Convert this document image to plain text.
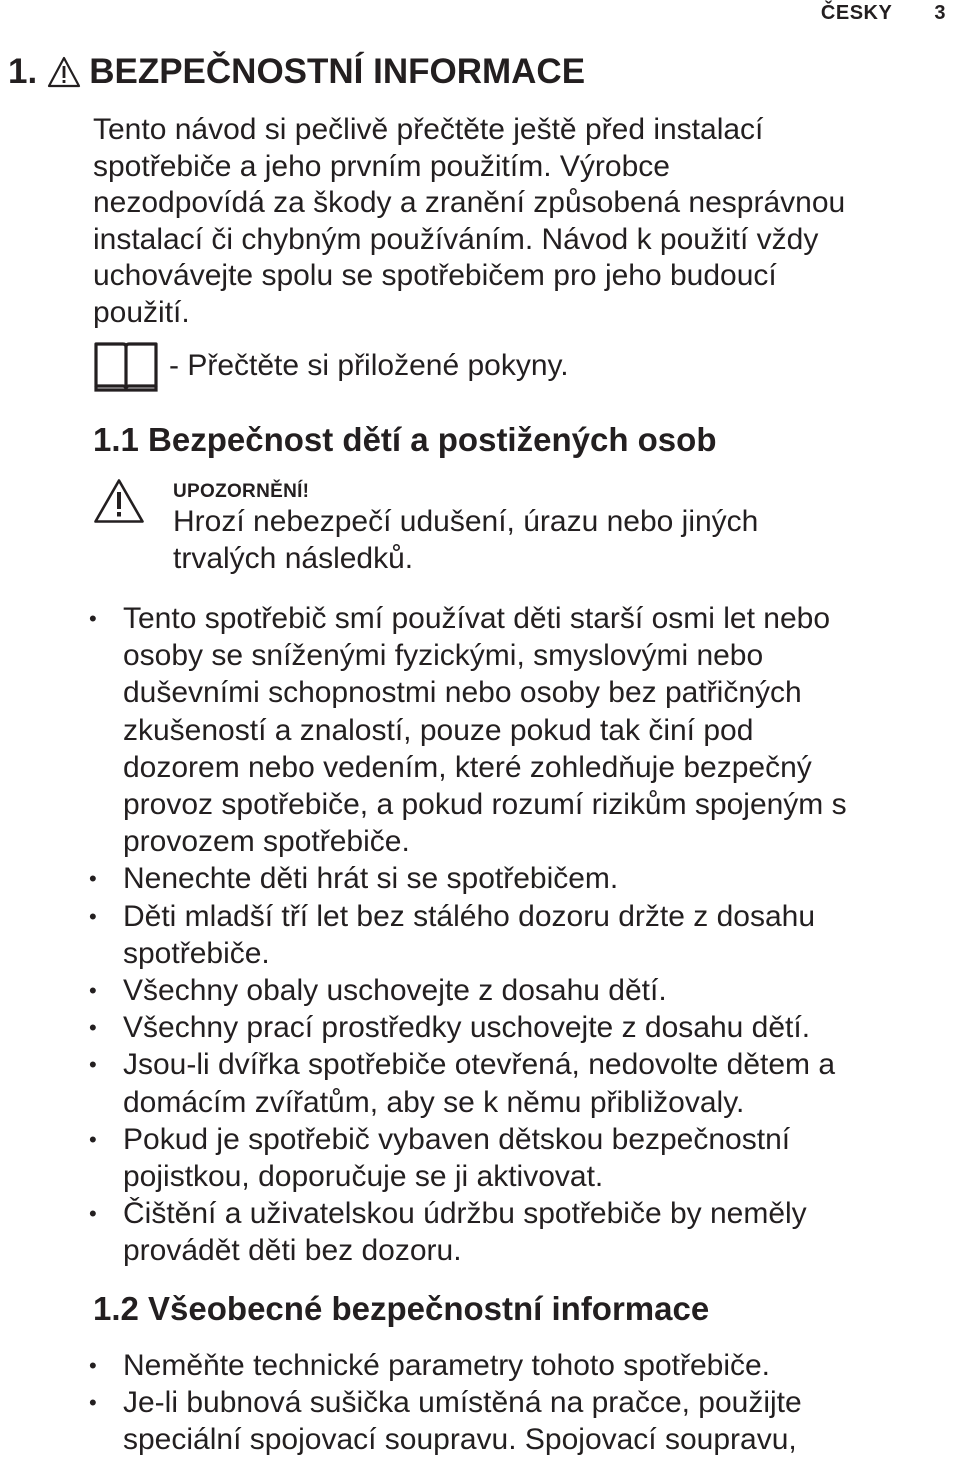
ČESKY 3
1. BEZPEČNOSTNÍ INFORMACE

Tento návod si pečlivě přečtěte ještě před instalací
spotřebiče a jeho prvním použitím. Výrobce
nezodpovídá za škody a zranění způsobená nesprávnou
instalací či chybným používáním. Návod k použití vždy
uchovávejte spolu se spotřebičem pro jeho budoucí
použití.

- Přečtěte si přiložené pokyny.
1.1 Bezpečnost dětí a postižených osob
UPOZORNĚNÍ!
Hrozí nebezpečí udušení, úrazu nebo jiných
trvalých následků.
• Tento spotřebič smí používat děti starší osmi let nebo
osoby se sníženými fyzickými, smyslovými nebo
duševními schopnostmi nebo osoby bez patřičných
zkušeností a znalostí, pouze pokud tak činí pod
dozorem nebo vedením, které zohledňuje bezpečný
provoz spotřebiče, a pokud rozumí rizikům spojeným s
provozem spotřebiče.
• Nenechte děti hrát si se spotřebičem.
• Děti mladší tří let bez stálého dozoru držte z dosahu
spotřebiče.
• Všechny obaly uschovejte z dosahu dětí.
• Všechny prací prostředky uschovejte z dosahu dětí.
• Jsou-li dvířka spotřebiče otevřená, nedovolte dětem a
domácím zvířatům, aby se k němu přibližovaly.
• Pokud je spotřebič vybaven dětskou bezpečnostní
pojistkou, doporučuje se ji aktivovat.
• Čištění a uživatelskou údržbu spotřebiče by neměly
provádět děti bez dozoru.
1.2 Všeobecné bezpečnostní informace
• Neměňte technické parametry tohoto spotřebiče.
• Je-li bubnová sušička umístěná na pračce, použijte
speciální spojovací soupravu. Spojovací soupravu,
